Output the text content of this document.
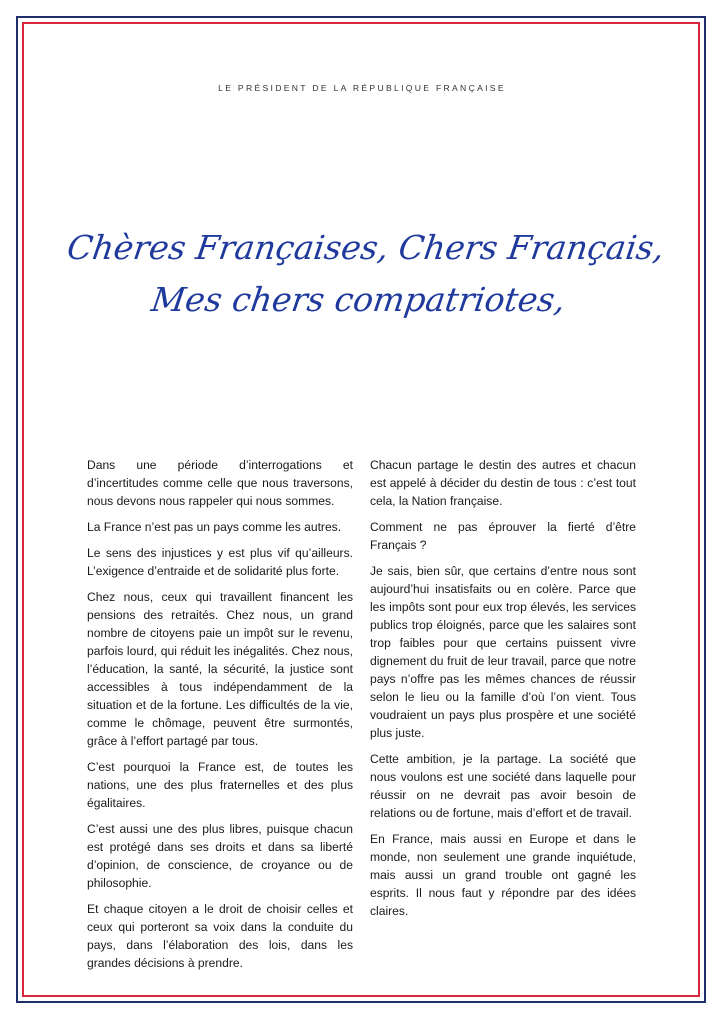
LE PRÉSIDENT DE LA RÉPUBLIQUE FRANÇAISE
Chères Françaises, Chers Français,
Mes chers compatriotes,

Dans une période d’interrogations et d’incertitudes comme celle que nous traversons, nous devons nous rappeler qui nous sommes.

La France n’est pas un pays comme les autres.

Le sens des injustices y est plus vif qu’ailleurs. L’exigence d’entraide et de solidarité plus forte.

Chez nous, ceux qui travaillent financent les pensions des retraités. Chez nous, un grand nombre de citoyens paie un impôt sur le revenu, parfois lourd, qui réduit les inégalités. Chez nous, l’éducation, la santé, la sécurité, la justice sont accessibles à tous indépendamment de la situation et de la fortune. Les difficultés de la vie, comme le chômage, peuvent être surmontés, grâce à l’effort partagé par tous.

C’est pourquoi la France est, de toutes les nations, une des plus fraternelles et des plus égalitaires.

C’est aussi une des plus libres, puisque chacun est protégé dans ses droits et dans sa liberté d’opinion, de conscience, de croyance ou de philosophie.

Et chaque citoyen a le droit de choisir celles et ceux qui porteront sa voix dans la conduite du pays, dans l’élaboration des lois, dans les grandes décisions à prendre.

Chacun partage le destin des autres et chacun est appelé à décider du destin de tous : c’est tout cela, la Nation française.

Comment ne pas éprouver la fierté d’être Français ?

Je sais, bien sûr, que certains d’entre nous sont aujourd’hui insatisfaits ou en colère. Parce que les impôts sont pour eux trop élevés, les services publics trop éloignés, parce que les salaires sont trop faibles pour que certains puissent vivre dignement du fruit de leur travail, parce que notre pays n’offre pas les mêmes chances de réussir selon le lieu ou la famille d’où l’on vient. Tous voudraient un pays plus prospère et une société plus juste.

Cette ambition, je la partage. La société que nous voulons est une société dans laquelle pour réussir on ne devrait pas avoir besoin de relations ou de fortune, mais d’effort et de travail.

En France, mais aussi en Europe et dans le monde, non seulement une grande inquiétude, mais aussi un grand trouble ont gagné les esprits. Il nous faut y répondre par des idées claires.
